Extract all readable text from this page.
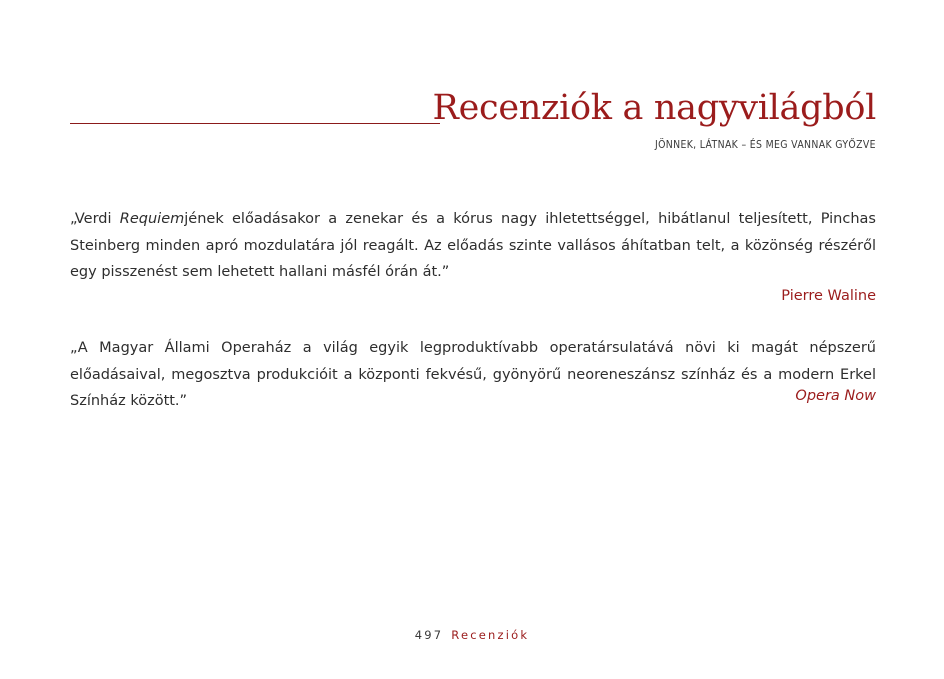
Recenziók a nagyvilágból
JÖNNEK, LÁTNAK – ÉS MEG VANNAK GYŐZVE

„Verdi Requiemjének előadásakor a zenekar és a kórus nagy ihletettséggel, hibátlanul teljesített, Pinchas Steinberg minden apró mozdulatára jól reagált. Az előadás szinte vallásos áhítatban telt, a közönség részéről egy pisszenést sem lehetett hallani másfél órán át.”

Pierre Waline

„A Magyar Állami Operaház a világ egyik legproduktívabb operatársulatává növi ki magát népszerű előadásaival, megosztva produkcióit a központi fekvésű, gyönyörű neoreneszánsz színház és a modern Erkel Színház között.”	Opera Now
497 Recenziók
